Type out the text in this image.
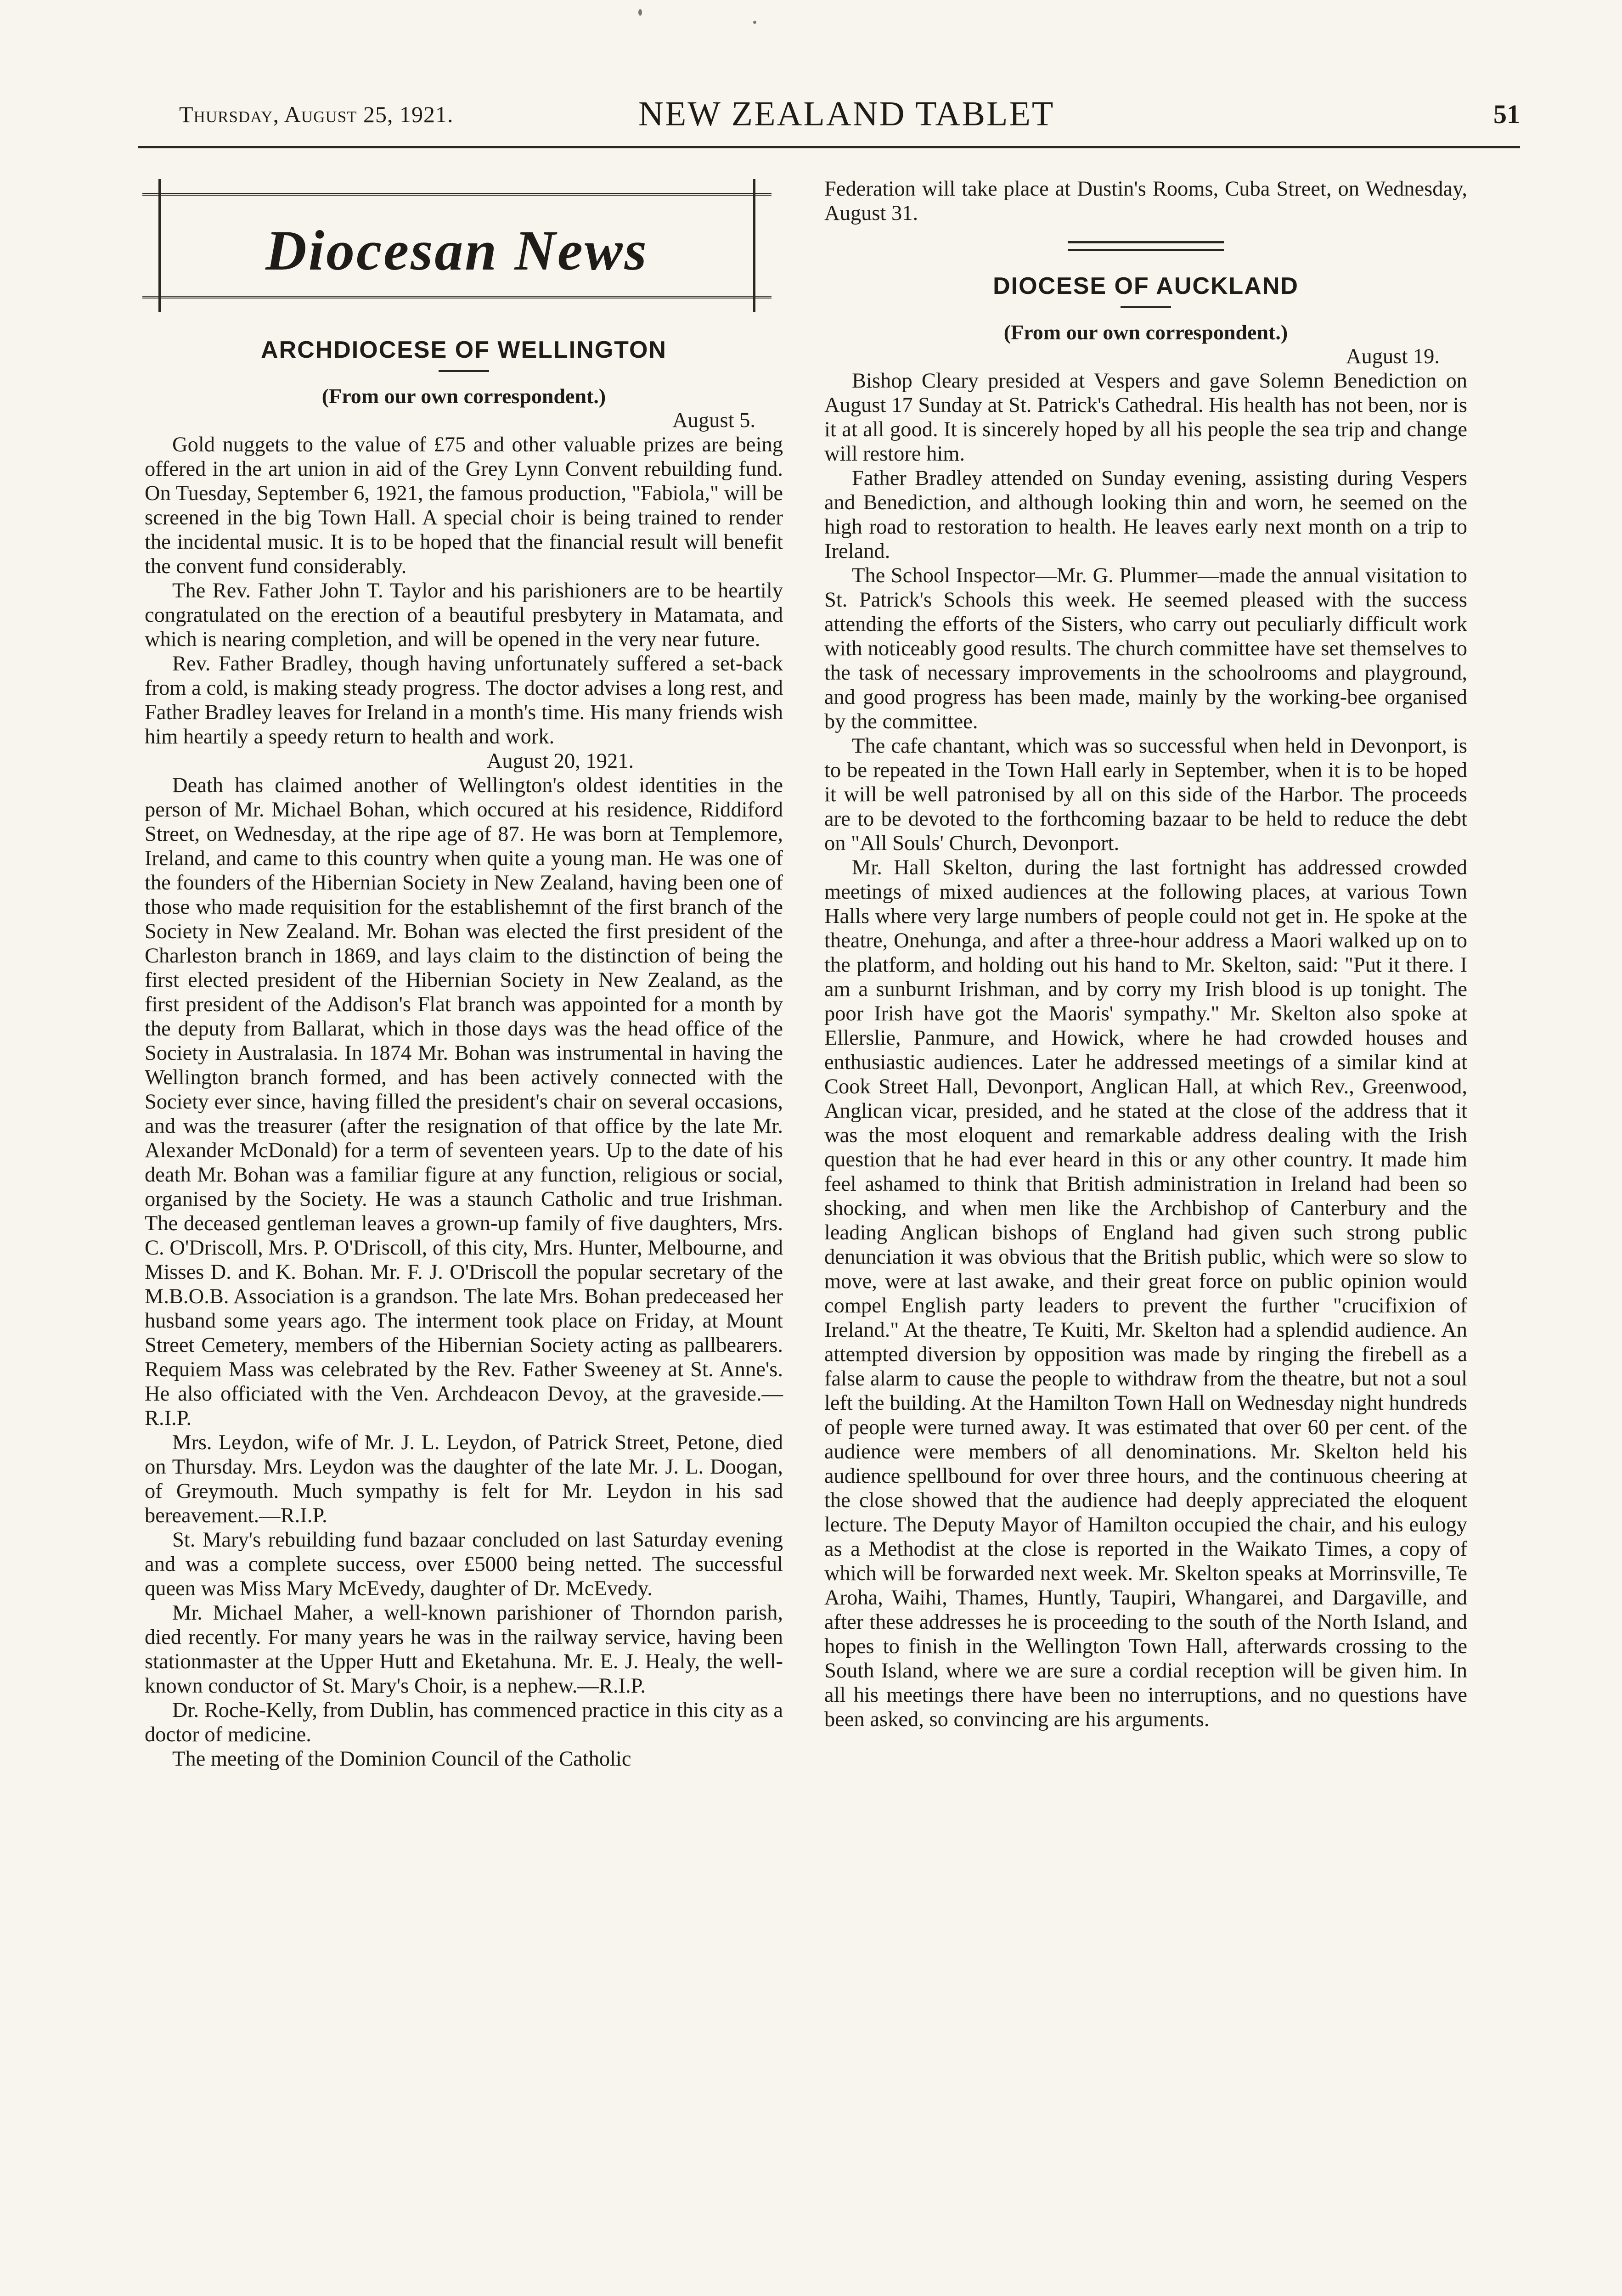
Thursday, August 25, 1921.	NEW ZEALAND TABLET	51
Diocesan News
ARCHDIOCESE OF WELLINGTON
(From our own correspondent.)
August 5.

Gold nuggets to the value of £75 and other valuable prizes are being offered in the art union in aid of the Grey Lynn Convent rebuilding fund. On Tuesday, September 6, 1921, the famous production, "Fabiola," will be screened in the big Town Hall. A special choir is being trained to render the incidental music. It is to be hoped that the financial result will benefit the convent fund considerably.

The Rev. Father John T. Taylor and his parishioners are to be heartily congratulated on the erection of a beautiful presbytery in Matamata, and which is nearing completion, and will be opened in the very near future.

Rev. Father Bradley, though having unfortunately suffered a set-back from a cold, is making steady progress. The doctor advises a long rest, and Father Bradley leaves for Ireland in a month's time. His many friends wish him heartily a speedy return to health and work.

August 20, 1921.

Death has claimed another of Wellington's oldest identities in the person of Mr. Michael Bohan, which occured at his residence, Riddiford Street, on Wednesday, at the ripe age of 87. He was born at Templemore, Ireland, and came to this country when quite a young man. He was one of the founders of the Hibernian Society in New Zealand, having been one of those who made requisition for the establishemnt of the first branch of the Society in New Zealand. Mr. Bohan was elected the first president of the Charleston branch in 1869, and lays claim to the distinction of being the first elected president of the Hibernian Society in New Zealand, as the first president of the Addison's Flat branch was appointed for a month by the deputy from Ballarat, which in those days was the head office of the Society in Australasia. In 1874 Mr. Bohan was instrumental in having the Wellington branch formed, and has been actively connected with the Society ever since, having filled the president's chair on several occasions, and was the treasurer (after the resignation of that office by the late Mr. Alexander McDonald) for a term of seventeen years. Up to the date of his death Mr. Bohan was a familiar figure at any function, religious or social, organised by the Society. He was a staunch Catholic and true Irishman. The deceased gentleman leaves a grown-up family of five daughters, Mrs. C. O'Driscoll, Mrs. P. O'Driscoll, of this city, Mrs. Hunter, Melbourne, and Misses D. and K. Bohan. Mr. F. J. O'Driscoll the popular secretary of the M.B.O.B. Association is a grandson. The late Mrs. Bohan predeceased her husband some years ago. The interment took place on Friday, at Mount Street Cemetery, members of the Hibernian Society acting as pallbearers. Requiem Mass was celebrated by the Rev. Father Sweeney at St. Anne's. He also officiated with the Ven. Archdeacon Devoy, at the graveside.—R.I.P.

Mrs. Leydon, wife of Mr. J. L. Leydon, of Patrick Street, Petone, died on Thursday. Mrs. Leydon was the daughter of the late Mr. J. L. Doogan, of Greymouth. Much sympathy is felt for Mr. Leydon in his sad bereavement.—R.I.P.

St. Mary's rebuilding fund bazaar concluded on last Saturday evening and was a complete success, over £5000 being netted. The successful queen was Miss Mary McEvedy, daughter of Dr. McEvedy.

Mr. Michael Maher, a well-known parishioner of Thorndon parish, died recently. For many years he was in the railway service, having been stationmaster at the Upper Hutt and Eketahuna. Mr. E. J. Healy, the well-known conductor of St. Mary's Choir, is a nephew.—R.I.P.

Dr. Roche-Kelly, from Dublin, has commenced practice in this city as a doctor of medicine.

The meeting of the Dominion Council of the Catholic

Federation will take place at Dustin's Rooms, Cuba Street, on Wednesday, August 31.

DIOCESE OF AUCKLAND
(From our own correspondent.)
August 19.

Bishop Cleary presided at Vespers and gave Solemn Benediction on August 17 Sunday at St. Patrick's Cathedral. His health has not been, nor is it at all good. It is sincerely hoped by all his people the sea trip and change will restore him.

Father Bradley attended on Sunday evening, assisting during Vespers and Benediction, and although looking thin and worn, he seemed on the high road to restoration to health. He leaves early next month on a trip to Ireland.

The School Inspector—Mr. G. Plummer—made the annual visitation to St. Patrick's Schools this week. He seemed pleased with the success attending the efforts of the Sisters, who carry out peculiarly difficult work with noticeably good results. The church committee have set themselves to the task of necessary improvements in the schoolrooms and playground, and good progress has been made, mainly by the working-bee organised by the committee.

The cafe chantant, which was so successful when held in Devonport, is to be repeated in the Town Hall early in September, when it is to be hoped it will be well patronised by all on this side of the Harbor. The proceeds are to be devoted to the forthcoming bazaar to be held to reduce the debt on "All Souls' Church, Devonport.

Mr. Hall Skelton, during the last fortnight has addressed crowded meetings of mixed audiences at the following places, at various Town Halls where very large numbers of people could not get in. He spoke at the theatre, Onehunga, and after a three-hour address a Maori walked up on to the platform, and holding out his hand to Mr. Skelton, said: "Put it there. I am a sunburnt Irishman, and by corry my Irish blood is up tonight. The poor Irish have got the Maoris' sympathy." Mr. Skelton also spoke at Ellerslie, Panmure, and Howick, where he had crowded houses and enthusiastic audiences. Later he addressed meetings of a similar kind at Cook Street Hall, Devonport, Anglican Hall, at which Rev., Greenwood, Anglican vicar, presided, and he stated at the close of the address that it was the most eloquent and remarkable address dealing with the Irish question that he had ever heard in this or any other country. It made him feel ashamed to think that British administration in Ireland had been so shocking, and when men like the Archbishop of Canterbury and the leading Anglican bishops of England had given such strong public denunciation it was obvious that the British public, which were so slow to move, were at last awake, and their great force on public opinion would compel English party leaders to prevent the further "crucifixion of Ireland." At the theatre, Te Kuiti, Mr. Skelton had a splendid audience. An attempted diversion by opposition was made by ringing the firebell as a false alarm to cause the people to withdraw from the theatre, but not a soul left the building. At the Hamilton Town Hall on Wednesday night hundreds of people were turned away. It was estimated that over 60 per cent. of the audience were members of all denominations. Mr. Skelton held his audience spellbound for over three hours, and the continuous cheering at the close showed that the audience had deeply appreciated the eloquent lecture. The Deputy Mayor of Hamilton occupied the chair, and his eulogy as a Methodist at the close is reported in the Waikato Times, a copy of which will be forwarded next week. Mr. Skelton speaks at Morrinsville, Te Aroha, Waihi, Thames, Huntly, Taupiri, Whangarei, and Dargaville, and after these addresses he is proceeding to the south of the North Island, and hopes to finish in the Wellington Town Hall, afterwards crossing to the South Island, where we are sure a cordial reception will be given him. In all his meetings there have been no interruptions, and no questions have been asked, so convincing are his arguments.
